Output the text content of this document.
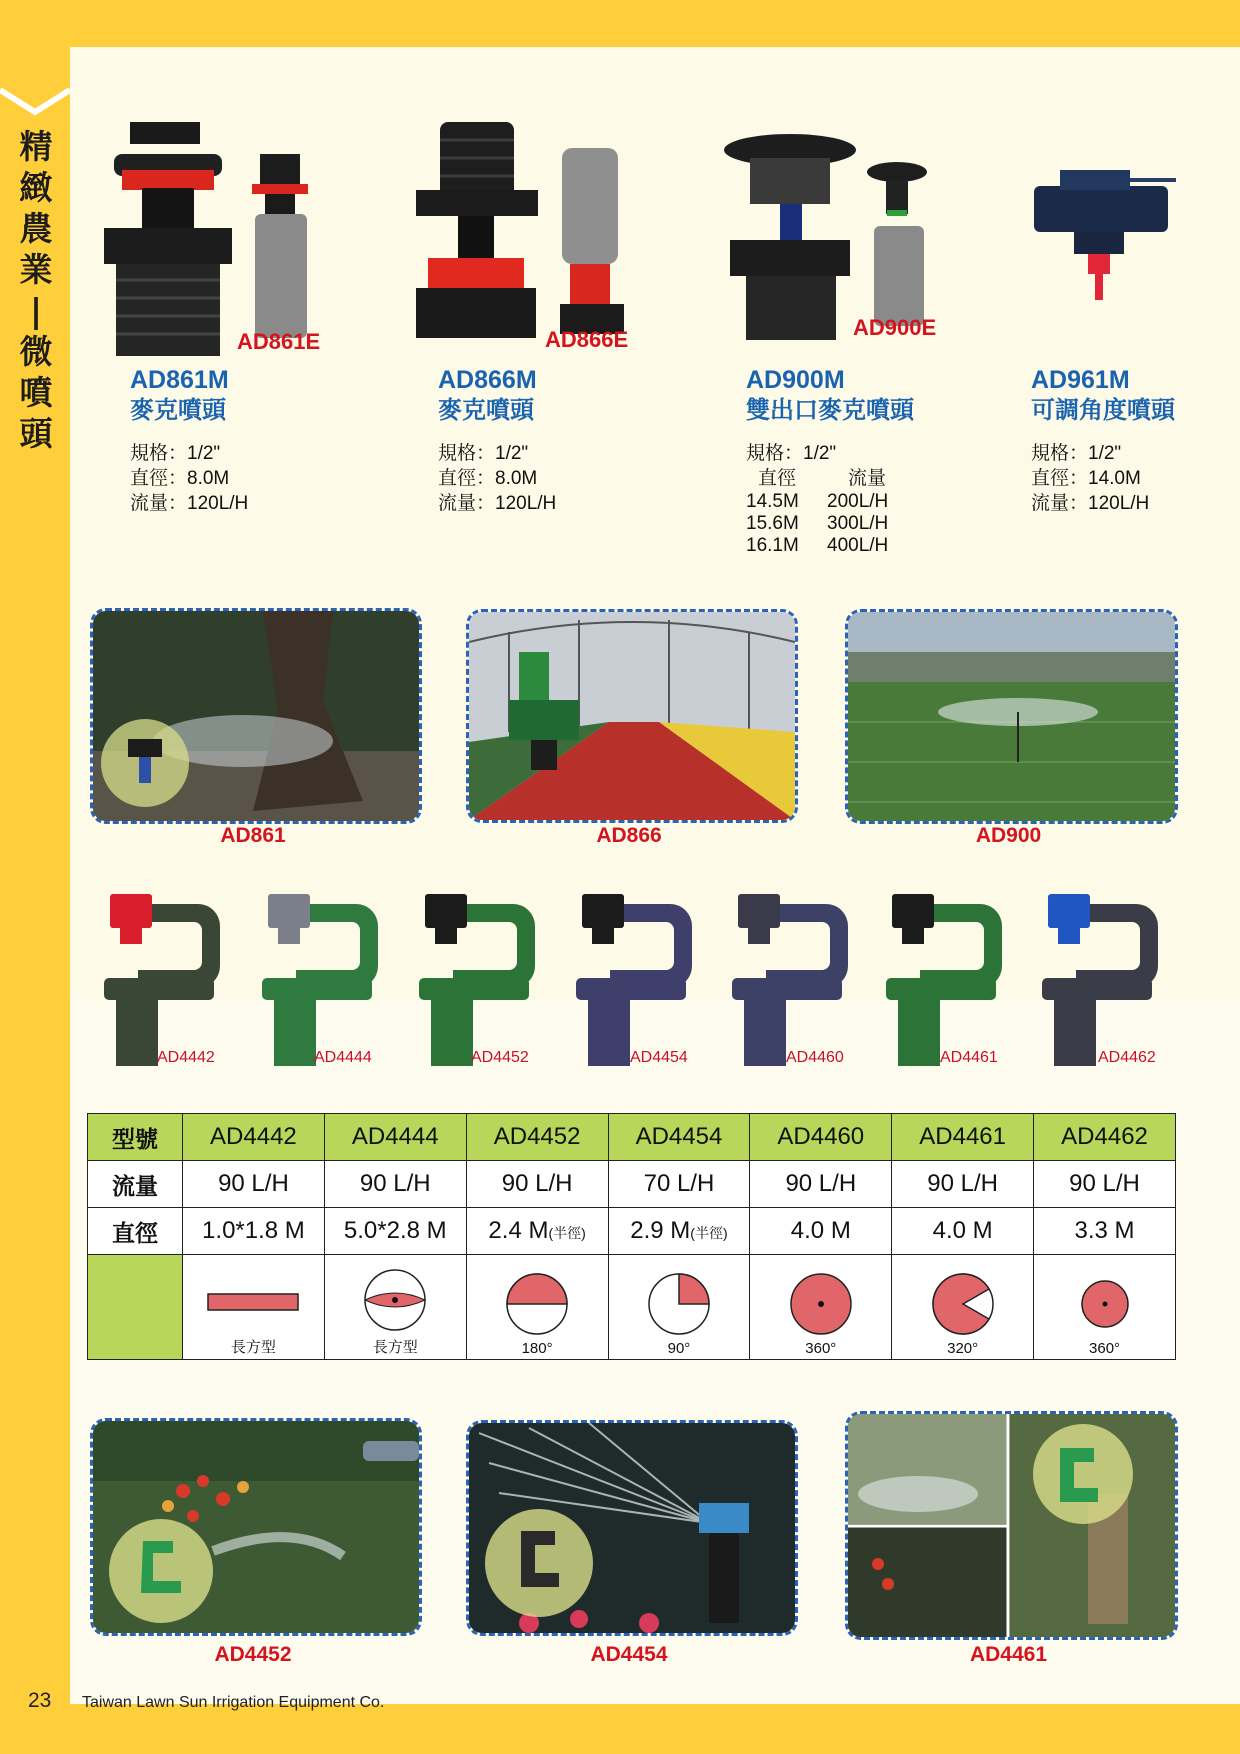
精
緻
農
業
|
微
噴
頭
AD861E	AD866E	AD900E
AD861M
麥克噴頭
規格：1/2"
直徑：8.0M
流量：120L/H
AD866M
麥克噴頭
規格：1/2"
直徑：8.0M
流量：120L/H
AD900M
雙出口麥克噴頭
規格：1/2"
直徑	流量
14.5M	200L/H
15.6M	300L/H
16.1M	400L/H
AD961M
可調角度噴頭
規格：1/2"
直徑：14.0M
流量：120L/H
AD861	AD866	AD900
AD4442	AD4444	AD4452	AD4454	AD4460	AD4461	AD4462
型號	AD4442	AD4444	AD4452	AD4454	AD4460	AD4461	AD4462
流量	90 L/H	90 L/H	90 L/H	70 L/H	90 L/H	90 L/H	90 L/H
直徑	1.0*1.8 M	5.0*2.8 M	2.4 M(半徑)	2.9 M(半徑)	4.0 M	4.0 M	3.3 M

	長方型	長方型	180°	90°	360°	320°	360°
AD4452	AD4454	AD4461
23 Taiwan Lawn Sun Irrigation Equipment Co.
